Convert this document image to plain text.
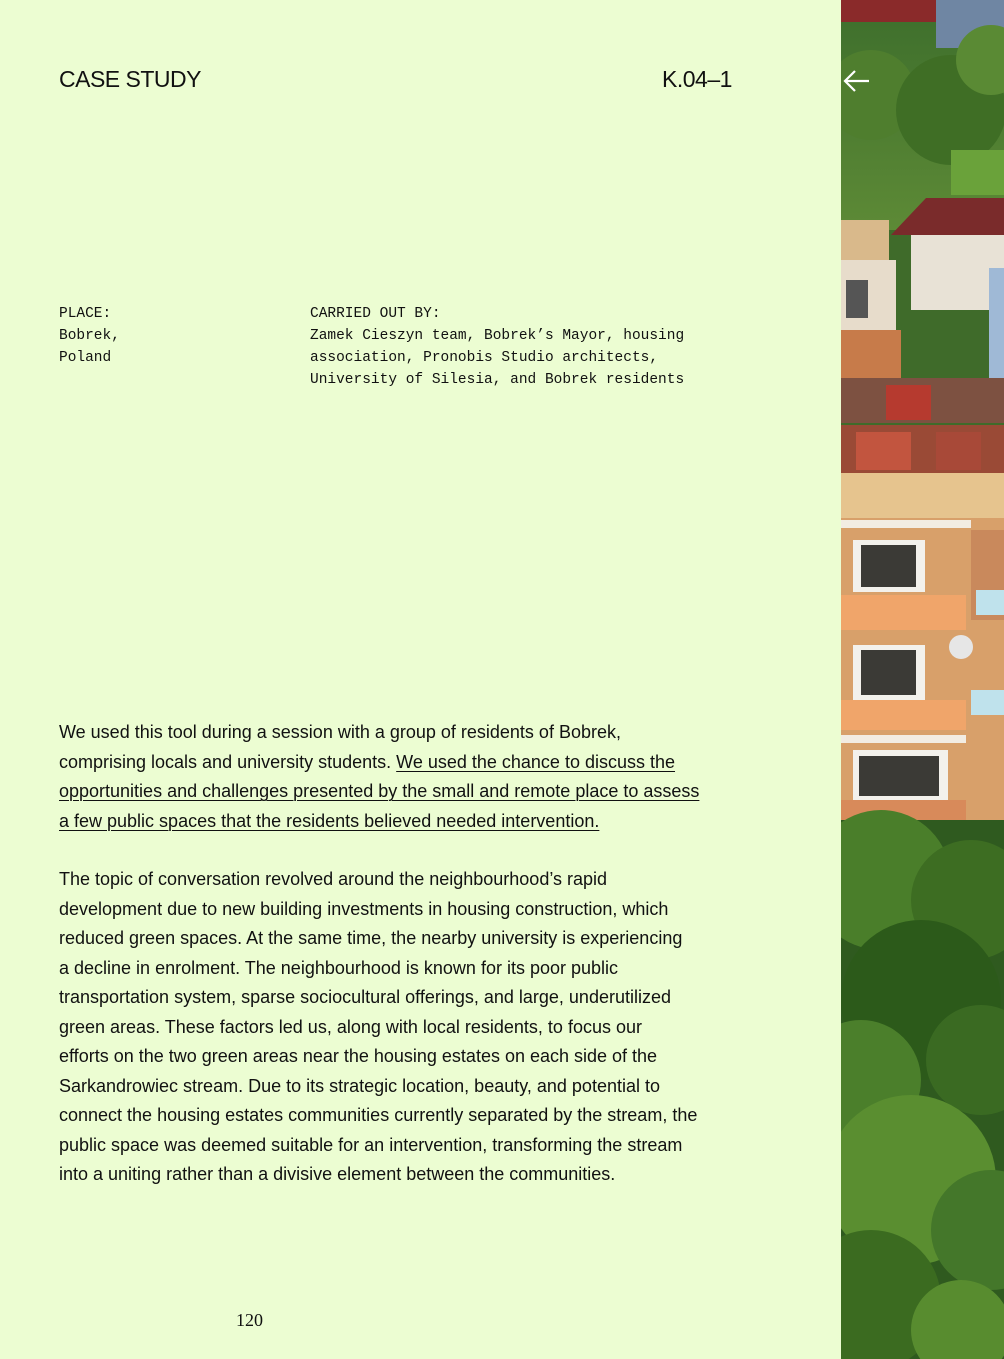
CASE STUDY	K.04–1
PLACE:
Bobrek,
Poland
CARRIED OUT BY:
Zamek Cieszyn team, Bobrek’s Mayor, housing
association, Pronobis Studio architects,
University of Silesia, and Bobrek residents
We used this tool during a session with a group of residents of Bobrek,
comprising locals and university students. We used the chance to discuss the
opportunities and challenges presented by the small and remote place to assess
a few public spaces that the residents believed needed intervention.
The topic of conversation revolved around the neighbourhood’s rapid
development due to new building investments in housing construction, which
reduced green spaces. At the same time, the nearby university is experiencing
a decline in enrolment. The neighbourhood is known for its poor public
transportation system, sparse sociocultural offerings, and large, underutilized
green areas. These factors led us, along with local residents, to focus our
efforts on the two green areas near the housing estates on each side of the
Sarkandrowiec stream. Due to its strategic location, beauty, and potential to
connect the housing estates communities currently separated by the stream, the
public space was deemed suitable for an intervention, transforming the stream
into a uniting rather than a divisive element between the communities.
120
